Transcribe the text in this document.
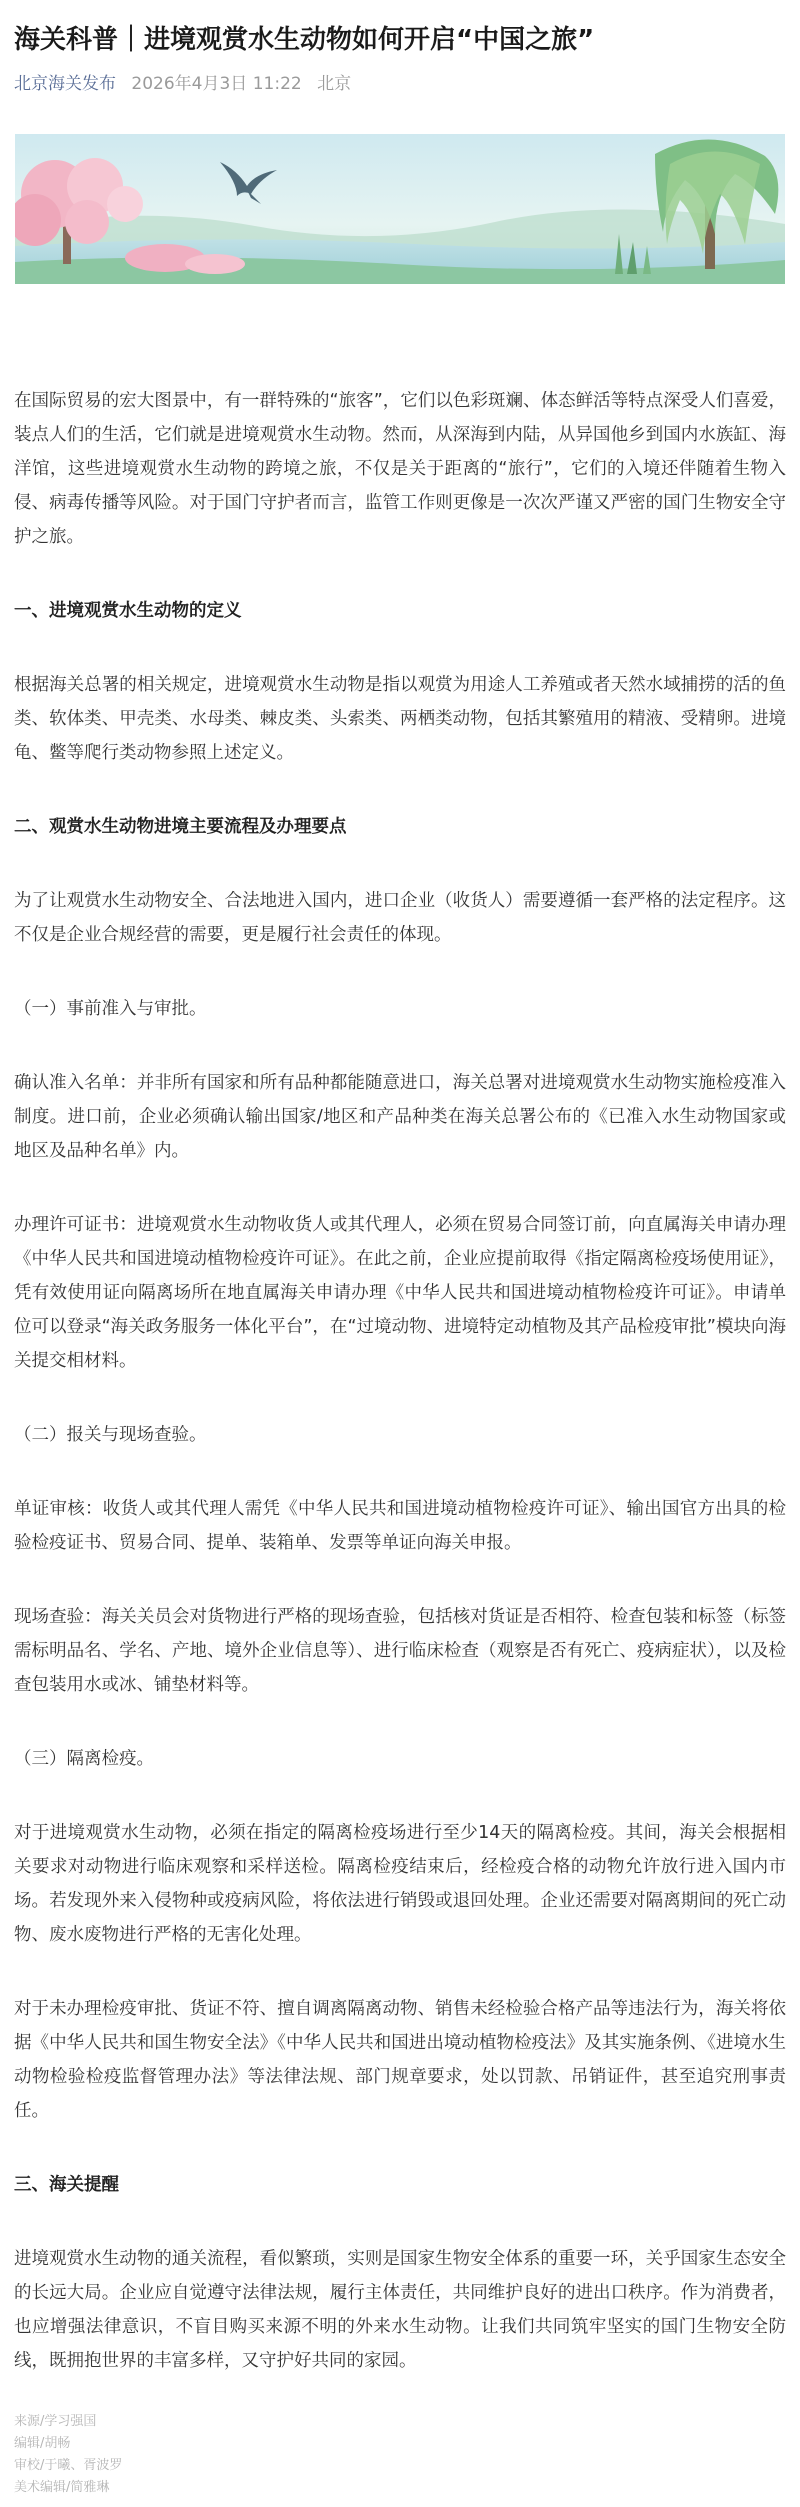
海关科普｜进境观赏水生动物如何开启“中国之旅”
北京海关发布 2026年4月3日 11:22 北京

在国际贸易的宏大图景中，有一群特殊的“旅客”，它们以色彩斑斓、体态鲜活等特点深受人们喜爱，装点人们的生活，它们就是进境观赏水生动物。然而，从深海到内陆，从异国他乡到国内水族缸、海洋馆，这些进境观赏水生动物的跨境之旅，不仅是关于距离的“旅行”，它们的入境还伴随着生物入侵、病毒传播等风险。对于国门守护者而言，监管工作则更像是一次次严谨又严密的国门生物安全守护之旅。

一、进境观赏水生动物的定义

根据海关总署的相关规定，进境观赏水生动物是指以观赏为用途人工养殖或者天然水域捕捞的活的鱼类、软体类、甲壳类、水母类、棘皮类、头索类、两栖类动物，包括其繁殖用的精液、受精卵。进境龟、鳖等爬行类动物参照上述定义。

二、观赏水生动物进境主要流程及办理要点

为了让观赏水生动物安全、合法地进入国内，进口企业（收货人）需要遵循一套严格的法定程序。这不仅是企业合规经营的需要，更是履行社会责任的体现。

（一）事前准入与审批。

确认准入名单：并非所有国家和所有品种都能随意进口，海关总署对进境观赏水生动物实施检疫准入制度。进口前，企业必须确认输出国家/地区和产品种类在海关总署公布的《已准入水生动物国家或地区及品种名单》内。

办理许可证书：进境观赏水生动物收货人或其代理人，必须在贸易合同签订前，向直属海关申请办理《中华人民共和国进境动植物检疫许可证》。在此之前，企业应提前取得《指定隔离检疫场使用证》，凭有效使用证向隔离场所在地直属海关申请办理《中华人民共和国进境动植物检疫许可证》。申请单位可以登录“海关政务服务一体化平台”，在“过境动物、进境特定动植物及其产品检疫审批”模块向海关提交相材料。

（二）报关与现场查验。

单证审核：收货人或其代理人需凭《中华人民共和国进境动植物检疫许可证》、输出国官方出具的检验检疫证书、贸易合同、提单、装箱单、发票等单证向海关申报。

现场查验：海关关员会对货物进行严格的现场查验，包括核对货证是否相符、检查包装和标签（标签需标明品名、学名、产地、境外企业信息等）、进行临床检查（观察是否有死亡、疫病症状），以及检查包装用水或冰、铺垫材料等。

（三）隔离检疫。

对于进境观赏水生动物，必须在指定的隔离检疫场进行至少14天的隔离检疫。其间，海关会根据相关要求对动物进行临床观察和采样送检。隔离检疫结束后，经检疫合格的动物允许放行进入国内市场。若发现外来入侵物种或疫病风险，将依法进行销毁或退回处理。企业还需要对隔离期间的死亡动物、废水废物进行严格的无害化处理。

对于未办理检疫审批、货证不符、擅自调离隔离动物、销售未经检验合格产品等违法行为，海关将依据《中华人民共和国生物安全法》《中华人民共和国进出境动植物检疫法》及其实施条例、《进境水生动物检验检疫监督管理办法》等法律法规、部门规章要求，处以罚款、吊销证件，甚至追究刑事责任。

三、海关提醒

进境观赏水生动物的通关流程，看似繁琐，实则是国家生物安全体系的重要一环，关乎国家生态安全的长远大局。企业应自觉遵守法律法规，履行主体责任，共同维护良好的进出口秩序。作为消费者，也应增强法律意识，不盲目购买来源不明的外来水生动物。让我们共同筑牢坚实的国门生物安全防线，既拥抱世界的丰富多样，又守护好共同的家园。

来源/学习强国
编辑/胡畅
审校/于曦、胥波罗
美术编辑/简雅琳
